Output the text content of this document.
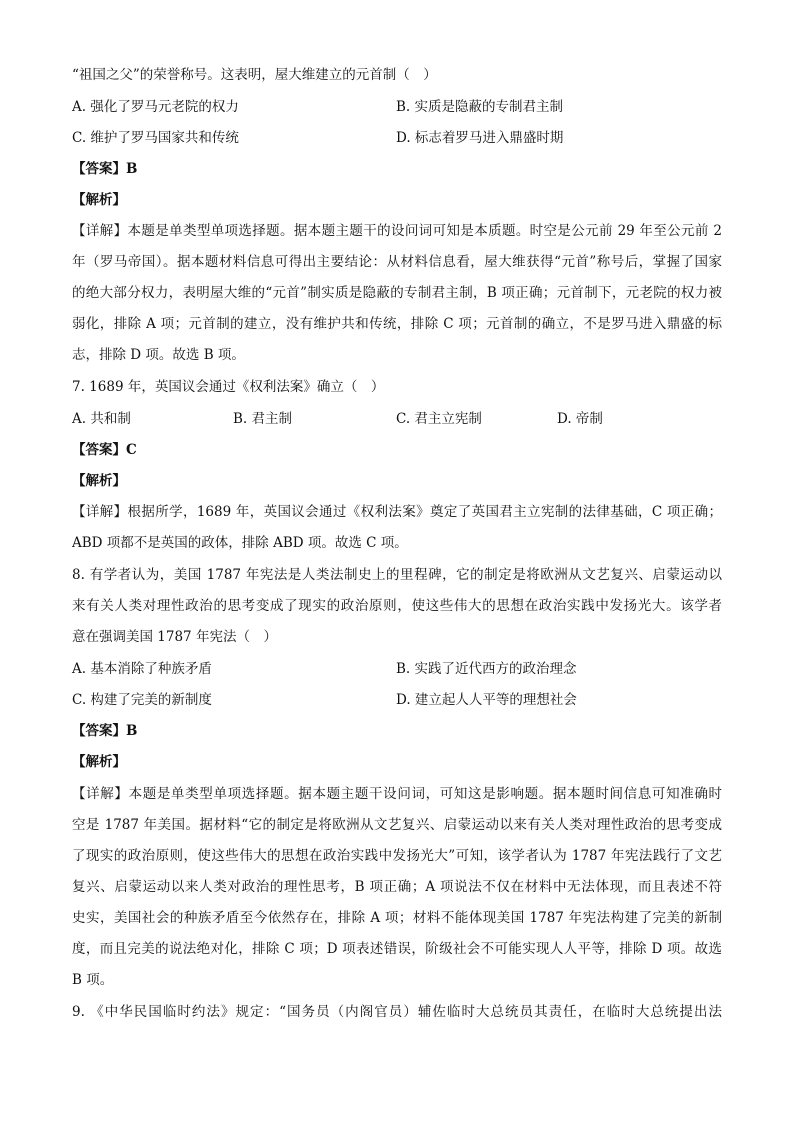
“祖国之父”的荣誉称号。这表明，屋大维建立的元首制（　）
A. 强化了罗马元老院的权力	B. 实质是隐蔽的专制君主制
C. 维护了罗马国家共和传统	D. 标志着罗马进入鼎盛时期
【答案】B
【解析】
【详解】本题是单类型单项选择题。据本题主题干的设问词可知是本质题。时空是公元前 29 年至公元前 2
年（罗马帝国）。据本题材料信息可得出主要结论：从材料信息看，屋大维获得“元首”称号后，掌握了国家
的绝大部分权力，表明屋大维的“元首”制实质是隐蔽的专制君主制，B 项正确；元首制下，元老院的权力被
弱化，排除 A 项；元首制的建立，没有维护共和传统，排除 C 项；元首制的确立，不是罗马进入鼎盛的标
志，排除 D 项。故选 B 项。
7. 1689 年，英国议会通过《权利法案》确立（　）
A. 共和制	B. 君主制	C. 君主立宪制	D. 帝制
【答案】C
【解析】
【详解】根据所学，1689 年，英国议会通过《权利法案》奠定了英国君主立宪制的法律基础，C 项正确；
ABD 项都不是英国的政体，排除 ABD 项。故选 C 项。
8. 有学者认为，美国 1787 年宪法是人类法制史上的里程碑，它的制定是将欧洲从文艺复兴、启蒙运动以
来有关人类对理性政治的思考变成了现实的政治原则，使这些伟大的思想在政治实践中发扬光大。该学者
意在强调美国 1787 年宪法（　）
A. 基本消除了种族矛盾	B. 实践了近代西方的政治理念
C. 构建了完美的新制度	D. 建立起人人平等的理想社会
【答案】B
【解析】
【详解】本题是单类型单项选择题。据本题主题干设问词，可知这是影响题。据本题时间信息可知准确时
空是 1787 年美国。据材料“它的制定是将欧洲从文艺复兴、启蒙运动以来有关人类对理性政治的思考变成
了现实的政治原则，使这些伟大的思想在政治实践中发扬光大”可知，该学者认为 1787 年宪法践行了文艺
复兴、启蒙运动以来人类对政治的理性思考，B 项正确；A 项说法不仅在材料中无法体现，而且表述不符
史实，美国社会的种族矛盾至今依然存在，排除 A 项；材料不能体现美国 1787 年宪法构建了完美的新制
度，而且完美的说法绝对化，排除 C 项；D 项表述错误，阶级社会不可能实现人人平等，排除 D 项。故选
B 项。
9. 《中华民国临时约法》规定：“国务员（内阁官员）辅佐临时大总统员其责任，在临时大总统提出法
